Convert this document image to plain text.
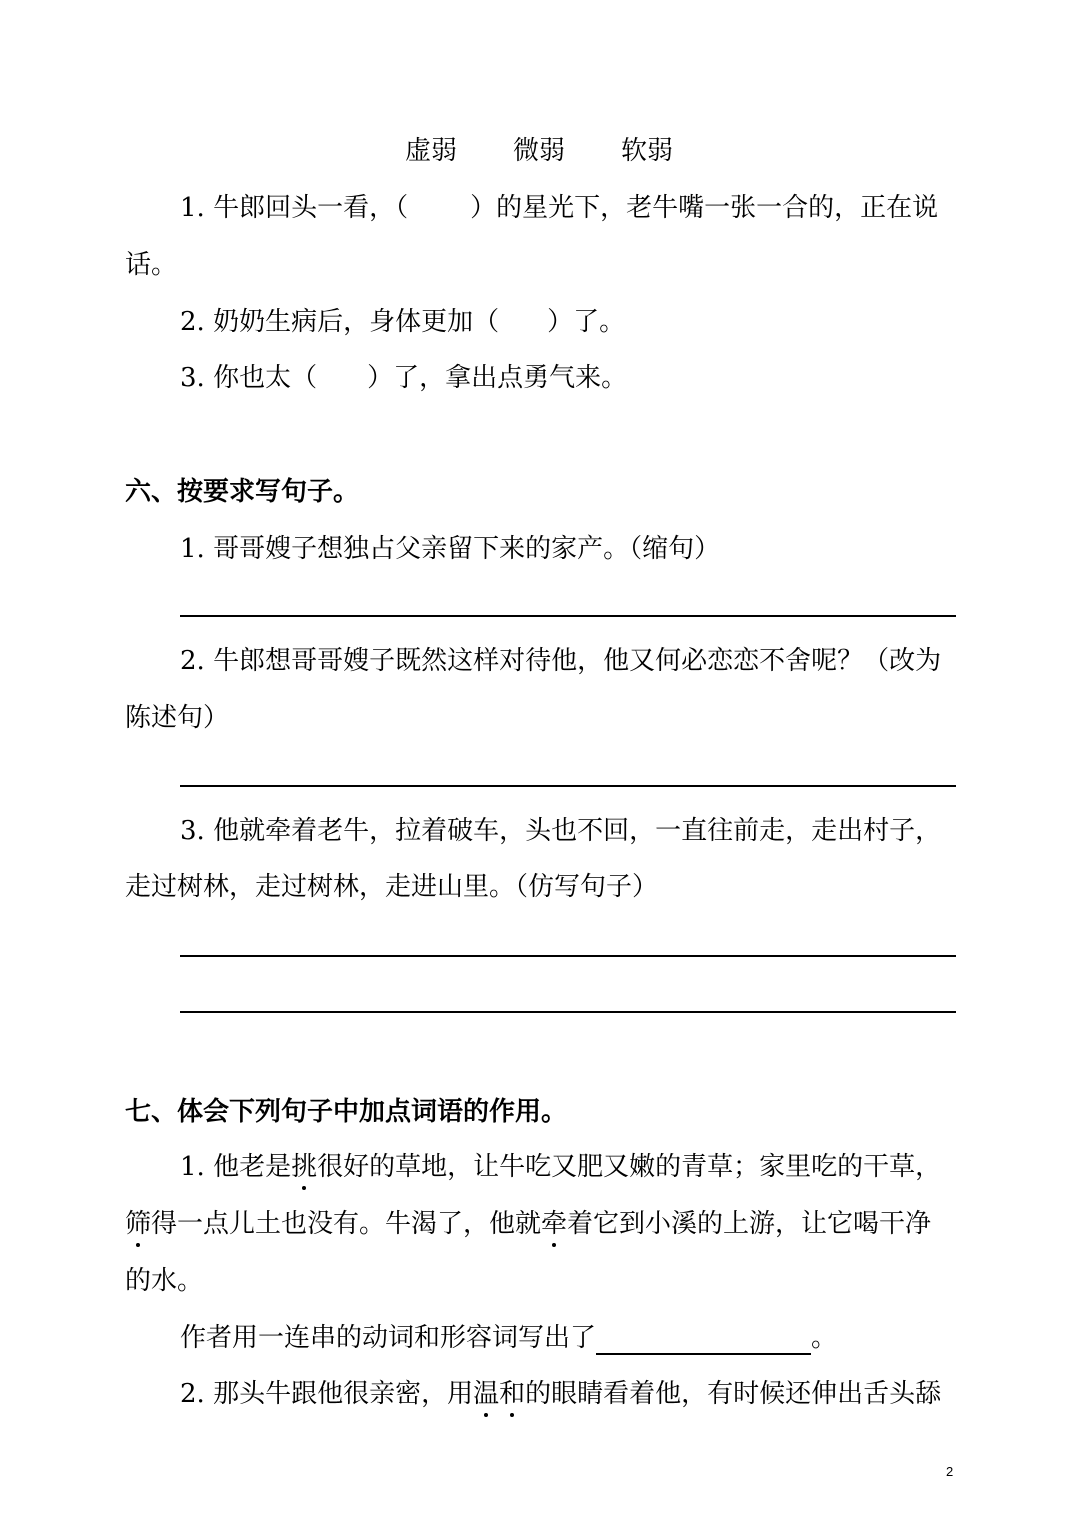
虚弱 微弱 软弱
1. 牛郎回头一看，（ ）的星光下，老牛嘴一张一合的，正在说
话。
2. 奶奶生病后，身体更加（ ）了。
3. 你也太（ ）了，拿出点勇气来。
六、按要求写句子。
1. 哥哥嫂子想独占父亲留下来的家产。（缩句）
2. 牛郎想哥哥嫂子既然这样对待他，他又何必恋恋不舍呢？（改为
陈述句）
3. 他就牵着老牛，拉着破车，头也不回，一直往前走，走出村子，
走过树林，走过树林，走进山里。（仿写句子）
七、体会下列句子中加点词语的作用。
1. 他老是挑很好的草地，让牛吃又肥又嫩的青草；家里吃的干草，
筛得一点儿土也没有。牛渴了，他就牵着它到小溪的上游，让它喝干净
的水。
作者用一连串的动词和形容词写出了	。
2. 那头牛跟他很亲密，用温和的眼睛看着他，有时候还伸出舌头舔
2
